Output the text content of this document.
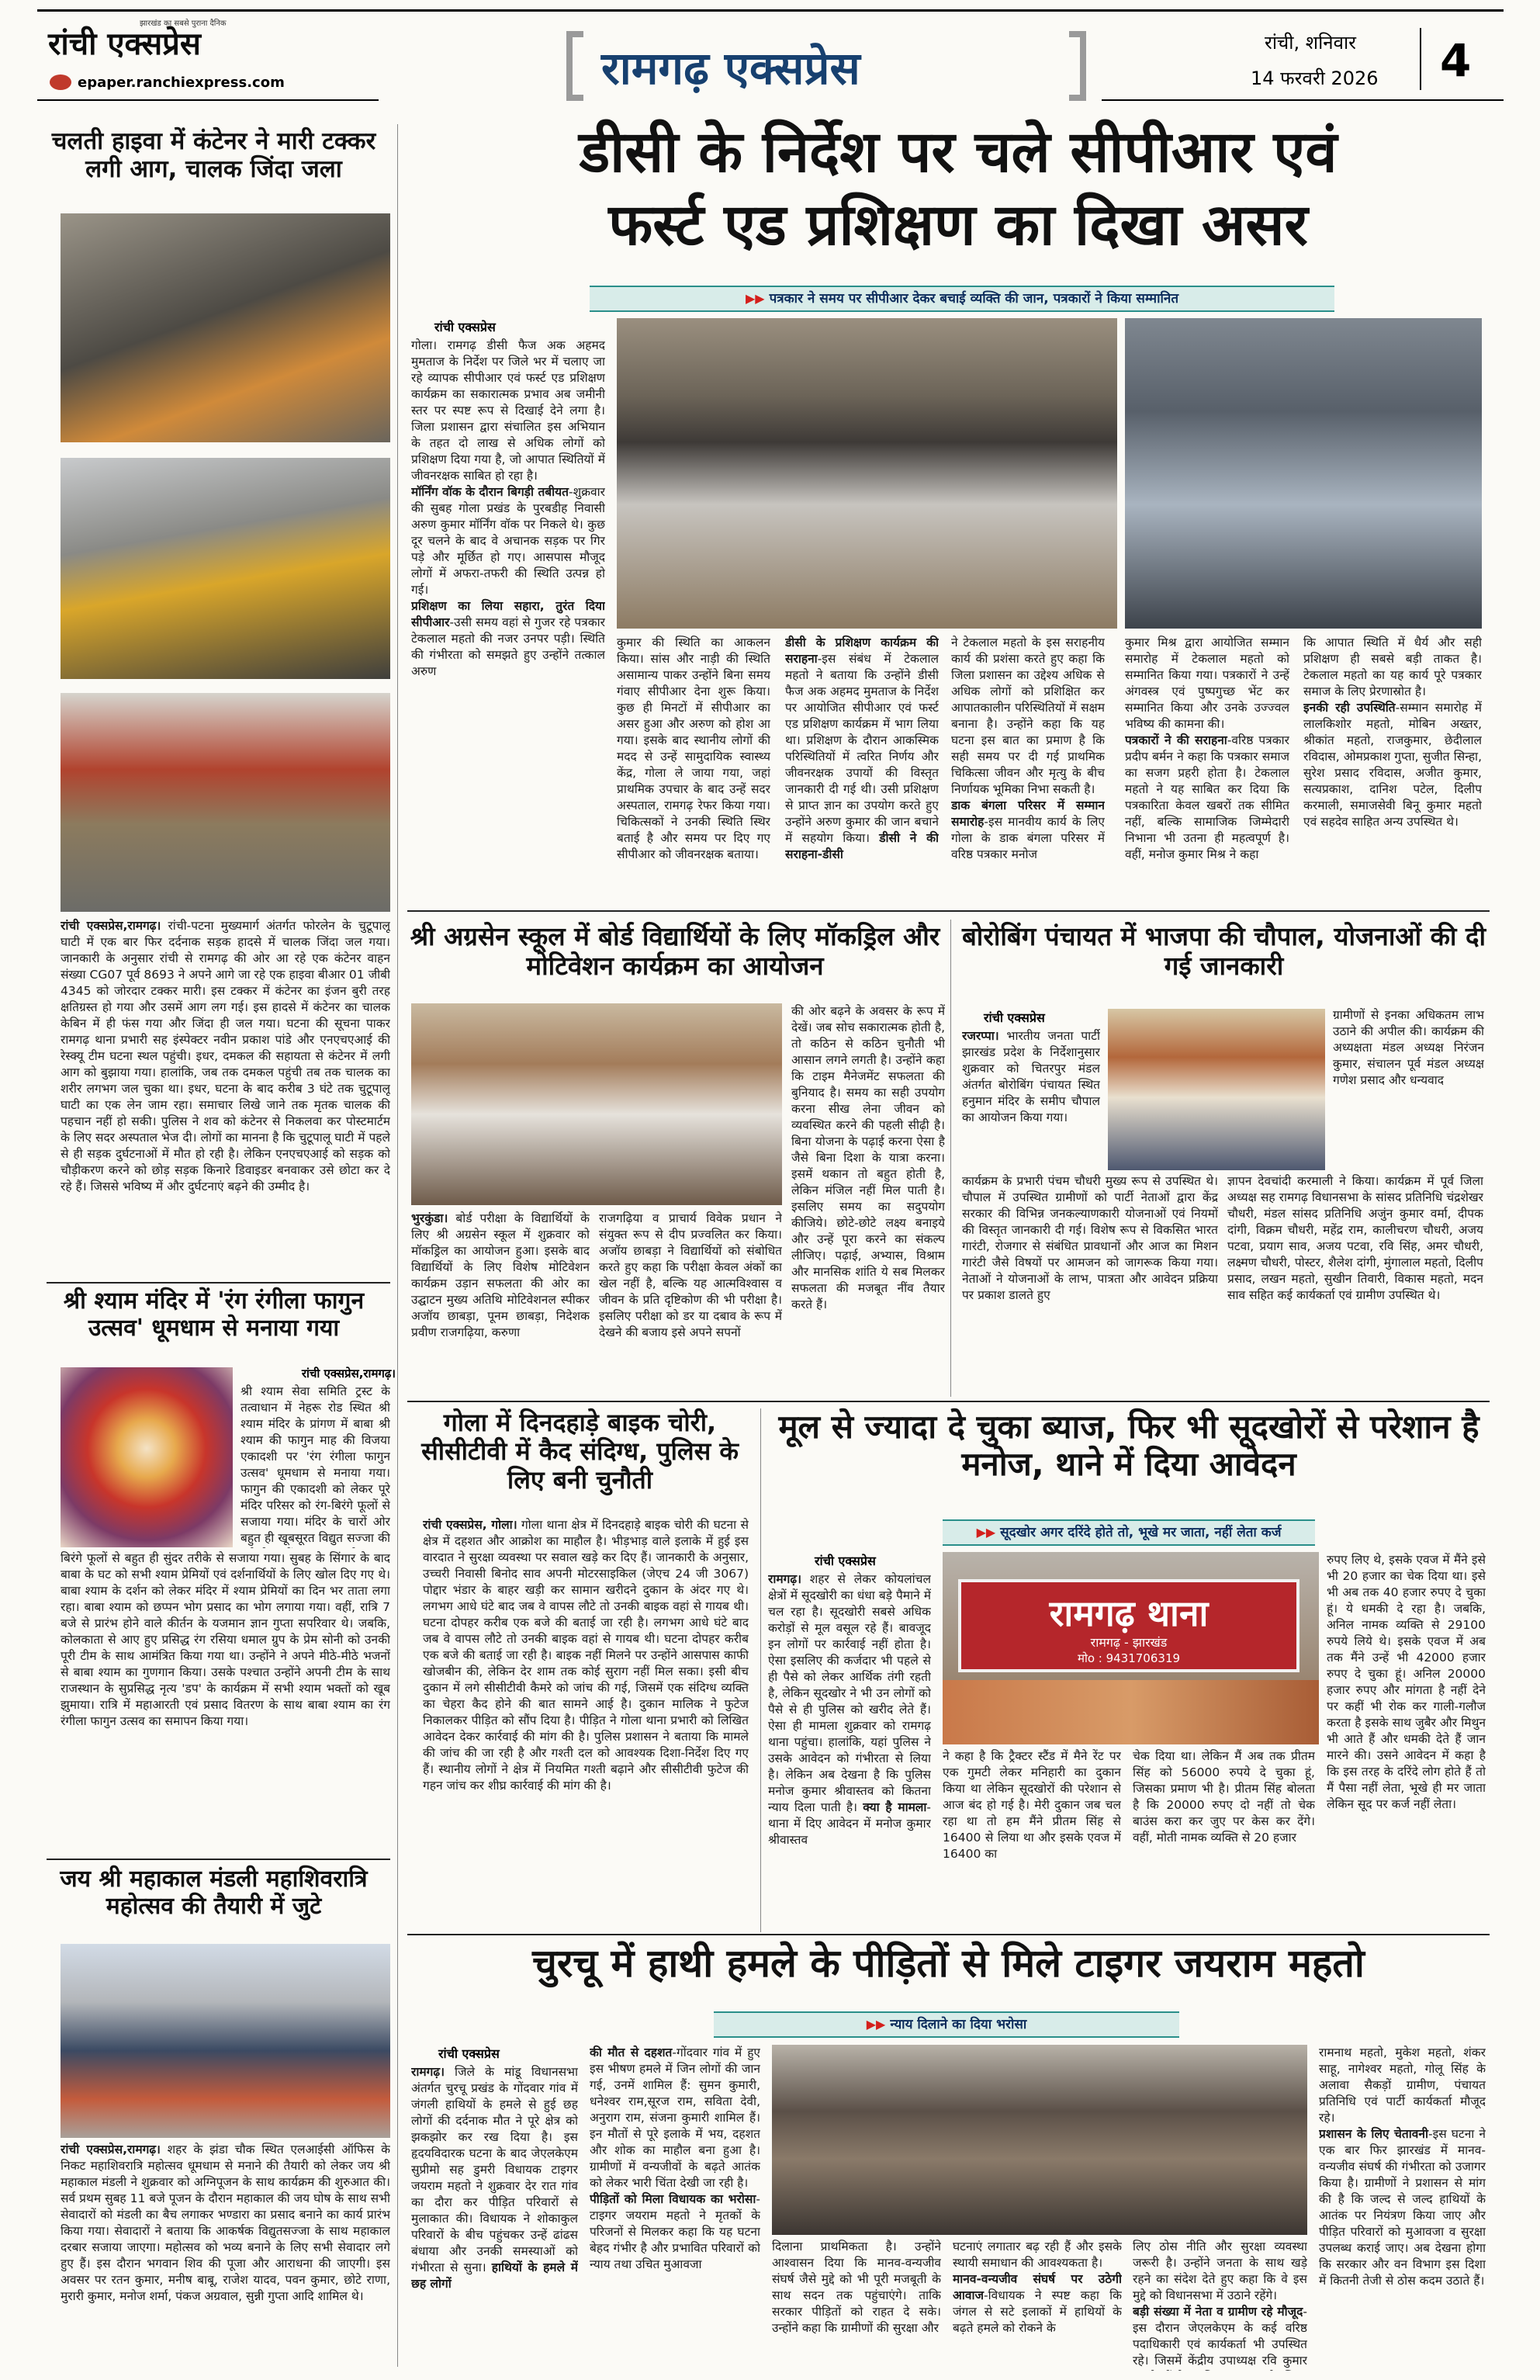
रांची एक्सप्रेस
झारखंड का सबसे पुराना दैनिक
epaper.ranchiexpress.com	रामगढ़ एक्सप्रेस	रांची, शनिवार
14 फरवरी 2026 4
चलती हाइवा में कंटेनर ने मारी टक्कर लगी आग, चालक जिंदा जला
रांची एक्सप्रेस,रामगढ़। रांची-पटना मुख्यमार्ग अंतर्गत फोरलेन के चुटूपालू घाटी में एक बार फिर दर्दनाक सड़क हादसे में चालक जिंदा जल गया। जानकारी के अनुसार रांची से रामगढ़ की ओर आ रहे एक कंटेनर वाहन संख्या CG07 पूर्व 8693 ने अपने आगे जा रहे एक हाइवा बीआर 01 जीबी 4345 को जोरदार टक्कर मारी। इस टक्कर में कंटेनर का इंजन बुरी तरह क्षतिग्रस्त हो गया और उसमें आग लग गई। इस हादसे में कंटेनर का चालक केबिन में ही फंस गया और जिंदा ही जल गया। घटना की सूचना पाकर रामगढ़ थाना प्रभारी सह इंस्पेक्टर नवीन प्रकाश पांडे और एनएचएआई की रेस्क्यू टीम घटना स्थल पहुंची। इधर, दमकल की सहायता से कंटेनर में लगी आग को बुझाया गया। हालांकि, जब तक दमकल पहुंची तब तक चालक का शरीर लगभग जल चुका था। इधर, घटना के बाद करीब 3 घंटे तक चुटूपालू घाटी का एक लेन जाम रहा। समाचार लिखे जाने तक मृतक चालक की पहचान नहीं हो सकी। पुलिस ने शव को कंटेनर से निकलवा कर पोस्टमार्टम के लिए सदर अस्पताल भेज दी। लोगों का मानना है कि चुटूपालू घाटी में पहले से ही सड़क दुर्घटनाओं में मौत हो रही है। लेकिन एनएचएआई को सड़क को चौड़ीकरण करने को छोड़ सड़क किनारे डिवाइडर बनवाकर उसे छोटा कर दे रहे हैं। जिससे भविष्य में और दुर्घटनाएं बढ़ने की उम्मीद है।
श्री श्याम मंदिर में 'रंग रंगीला फागुन उत्सव' धूमधाम से मनाया गया
रांची एक्सप्रेस,रामगढ़।
श्री श्याम सेवा समिति ट्रस्ट के तत्वाधान में नेहरू रोड स्थित श्री श्याम मंदिर के प्रांगण में बाबा श्री श्याम की फागुन माह की विजया एकादशी पर 'रंग रंगीला फागुन उत्सव' धूमधाम से मनाया गया। फागुन की एकादशी को लेकर पूरे मंदिर परिसर को रंग-बिरंगे फूलों से सजाया गया। मंदिर के चारों ओर बहुत ही खूबसूरत विद्युत सज्जा की
बिरंगे फूलों से बहुत ही सुंदर तरीके से सजाया गया। सुबह के सिंगार के बाद बाबा के घट को सभी श्याम प्रेमियों एवं दर्शनार्थियों के लिए खोल दिए गए थे। बाबा श्याम के दर्शन को लेकर मंदिर में श्याम प्रेमियों का दिन भर ताता लगा रहा। बाबा श्याम को छप्पन भोग प्रसाद का भोग लगाया गया। वहीं, रात्रि 7 बजे से प्रारंभ होने वाले कीर्तन के यजमान ज्ञान गुप्ता सपरिवार थे। जबकि, कोलकाता से आए हुए प्रसिद्ध रंग रसिया धमाल ग्रुप के प्रेम सोनी को उनकी पूरी टीम के साथ आमंत्रित किया गया था। उन्होंने ने अपने मीठे-मीठे भजनों से बाबा श्याम का गुणगान किया। उसके पश्चात उन्होंने अपनी टीम के साथ राजस्थान के सुप्रसिद्ध नृत्य 'डप' के कार्यक्रम में सभी श्याम भक्तों को खूब झुमाया। रात्रि में महाआरती एवं प्रसाद वितरण के साथ बाबा श्याम का रंग रंगीला फागुन उत्सव का समापन किया गया।
जय श्री महाकाल मंडली महाशिवरात्रि महोत्सव की तैयारी में जुटे
रांची एक्सप्रेस,रामगढ़। शहर के झंडा चौक स्थित एलआईसी ऑफिस के निकट महाशिवरात्रि महोत्सव धूमधाम से मनाने की तैयारी को लेकर जय श्री महाकाल मंडली ने शुक्रवार को अग्निपूजन के साथ कार्यक्रम की शुरुआत की। सर्व प्रथम सुबह 11 बजे पूजन के दौरान महाकाल की जय घोष के साथ सभी सेवादारों को मंडली का बैच लगाकर भण्डारा का प्रसाद बनाने का कार्य प्रारंभ किया गया। सेवादारों ने बताया कि आकर्षक विद्युतसज्जा के साथ महाकाल दरबार सजाया जाएगा। महोत्सव को भव्य बनाने के लिए सभी सेवादार लगे हुए हैं। इस दौरान भगवान शिव की पूजा और आराधना की जाएगी। इस अवसर पर रतन कुमार, मनीष बाबू, राजेश यादव, पवन कुमार, छोटे राणा, मुरारी कुमार, मनोज शर्मा, पंकज अग्रवाल, सुन्नी गुप्ता आदि शामिल थे।
डीसी के निर्देश पर चले सीपीआर एवं
फर्स्ट एड प्रशिक्षण का दिखा असर
▶▶ पत्रकार ने समय पर सीपीआर देकर बचाई व्यक्ति की जान, पत्रकारों ने किया सम्मानित
रांची एक्सप्रेस
गोला। रामगढ़ डीसी फैज अक अहमद मुमताज के निर्देश पर जिले भर में चलाए जा रहे व्यापक सीपीआर एवं फर्स्ट एड प्रशिक्षण कार्यक्रम का सकारात्मक प्रभाव अब जमीनी स्तर पर स्पष्ट रूप से दिखाई देने लगा है। जिला प्रशासन द्वारा संचालित इस अभियान के तहत दो लाख से अधिक लोगों को प्रशिक्षण दिया गया है, जो आपात स्थितियों में जीवनरक्षक साबित हो रहा है।
मॉर्निंग वॉक के दौरान बिगड़ी तबीयत-शुक्रवार की सुबह गोला प्रखंड के पुरबडीह निवासी अरुण कुमार मॉर्निंग वॉक पर निकले थे। कुछ दूर चलने के बाद वे अचानक सड़क पर गिर पड़े और मूर्छित हो गए। आसपास मौजूद लोगों में अफरा-तफरी की स्थिति उत्पन्न हो गई।
प्रशिक्षण का लिया सहारा, तुरंत दिया सीपीआर-उसी समय वहां से गुजर रहे पत्रकार टेकलाल महतो की नजर उनपर पड़ी। स्थिति की गंभीरता को समझते हुए उन्होंने तत्काल अरुण
कुमार की स्थिति का आकलन किया। सांस और नाड़ी की स्थिति असामान्य पाकर उन्होंने बिना समय गंवाए सीपीआर देना शुरू किया। कुछ ही मिनटों में सीपीआर का असर हुआ और अरुण को होश आ गया। इसके बाद स्थानीय लोगों की मदद से उन्हें सामुदायिक स्वास्थ्य केंद्र, गोला ले जाया गया, जहां प्राथमिक उपचार के बाद उन्हें सदर अस्पताल, रामगढ़ रेफर किया गया। चिकित्सकों ने उनकी स्थिति स्थिर बताई है और समय पर दिए गए सीपीआर को जीवनरक्षक बताया।
डीसी के प्रशिक्षण कार्यक्रम की सराहना-इस संबंध में टेकलाल महतो ने बताया कि उन्होंने डीसी फैज अक अहमद मुमताज के निर्देश पर आयोजित सीपीआर एवं फर्स्ट एड प्रशिक्षण कार्यक्रम में भाग लिया था। प्रशिक्षण के दौरान आकस्मिक परिस्थितियों में त्वरित निर्णय और जीवनरक्षक उपायों की विस्तृत जानकारी दी गई थी। उसी प्रशिक्षण से प्राप्त ज्ञान का उपयोग करते हुए उन्होंने अरुण कुमार की जान बचाने में सहयोग किया। डीसी ने की सराहना-डीसी
ने टेकलाल महतो के इस सराहनीय कार्य की प्रशंसा करते हुए कहा कि जिला प्रशासन का उद्देश्य अधिक से अधिक लोगों को प्रशिक्षित कर आपातकालीन परिस्थितियों में सक्षम बनाना है। उन्होंने कहा कि यह घटना इस बात का प्रमाण है कि सही समय पर दी गई प्राथमिक चिकित्सा जीवन और मृत्यु के बीच निर्णायक भूमिका निभा सकती है।
डाक बंगला परिसर में सम्मान समारोह-इस मानवीय कार्य के लिए गोला के डाक बंगला परिसर में वरिष्ठ पत्रकार मनोज
कुमार मिश्र द्वारा आयोजित सम्मान समारोह में टेकलाल महतो को सम्मानित किया गया। पत्रकारों ने उन्हें अंगवस्त्र एवं पुष्पगुच्छ भेंट कर सम्मानित किया और उनके उज्ज्वल भविष्य की कामना की।
पत्रकारों ने की सराहना-वरिष्ठ पत्रकार प्रदीप बर्मन ने कहा कि पत्रकार समाज का सजग प्रहरी होता है। टेकलाल महतो ने यह साबित कर दिया कि पत्रकारिता केवल खबरों तक सीमित नहीं, बल्कि सामाजिक जिम्मेदारी निभाना भी उतना ही महत्वपूर्ण है। वहीं, मनोज कुमार मिश्र ने कहा
कि आपात स्थिति में धैर्य और सही प्रशिक्षण ही सबसे बड़ी ताकत है। टेकलाल महतो का यह कार्य पूरे पत्रकार समाज के लिए प्रेरणास्रोत है।
इनकी रही उपस्थिति-सम्मान समारोह में लालकिशोर महतो, मोबिन अख्तर, श्रीकांत महतो, राजकुमार, छेदीलाल रविदास, ओमप्रकाश गुप्ता, सुजीत सिन्हा, सुरेश प्रसाद रविदास, अजीत कुमार, सत्यप्रकाश, दानिश पटेल, दिलीप करमाली, समाजसेवी बिनू कुमार महतो एवं सहदेव साहित अन्य उपस्थित थे।
श्री अग्रसेन स्कूल में बोर्ड विद्यार्थियों के लिए मॉकड्रिल और मोटिवेशन कार्यक्रम का आयोजन
भुरकुंडा। बोर्ड परीक्षा के विद्यार्थियों के लिए श्री अग्रसेन स्कूल में शुक्रवार को मॉकड्रिल का आयोजन हुआ। इसके बाद विद्यार्थियों के लिए विशेष मोटिवेशन कार्यक्रम उड़ान सफलता की ओर का उद्घाटन मुख्य अतिथि मोटिवेशनल स्पीकर अजॉय छाबड़ा, पूनम छाबड़ा, निदेशक प्रवीण राजगढ़िया, करुणा
राजगढ़िया व प्राचार्य विवेक प्रधान ने संयुक्त रूप से दीप प्रज्वलित कर किया। अजॉय छाबड़ा ने विद्यार्थियों को संबोधित करते हुए कहा कि परीक्षा केवल अंकों का खेल नहीं है, बल्कि यह आत्मविश्वास व जीवन के प्रति दृष्टिकोण की भी परीक्षा है। इसलिए परीक्षा को डर या दबाव के रूप में देखने की बजाय इसे अपने सपनों
की ओर बढ़ने के अवसर के रूप में देखें। जब सोच सकारात्मक होती है, तो कठिन से कठिन चुनौती भी आसान लगने लगती है। उन्होंने कहा कि टाइम मैनेजमेंट सफलता की बुनियाद है। समय का सही उपयोग करना सीख लेना जीवन को व्यवस्थित करने की पहली सीढ़ी है। बिना योजना के पढ़ाई करना ऐसा है जैसे बिना दिशा के यात्रा करना। इसमें थकान तो बहुत होती है, लेकिन मंजिल नहीं मिल पाती है। इसलिए समय का सदुपयोग कीजिये। छोटे-छोटे लक्ष्य बनाइये और उन्हें पूरा करने का संकल्प लीजिए। पढ़ाई, अभ्यास, विश्राम और मानसिक शांति ये सब मिलकर सफलता की मजबूत नींव तैयार करते हैं।
बोरोबिंग पंचायत में भाजपा की चौपाल, योजनाओं की दी गई जानकारी
रांची एक्सप्रेस
रजरप्पा। भारतीय जनता पार्टी झारखंड प्रदेश के निर्देशानुसार शुक्रवार को चितरपुर मंडल अंतर्गत बोरोबिंग पंचायत स्थित हनुमान मंदिर के समीप चौपाल का आयोजन किया गया।
ग्रामीणों से इनका अधिकतम लाभ उठाने की अपील की। कार्यक्रम की अध्यक्षता मंडल अध्यक्ष निरंजन कुमार, संचालन पूर्व मंडल अध्यक्ष गणेश प्रसाद और धन्यवाद
कार्यक्रम के प्रभारी पंचम चौधरी मुख्य रूप से उपस्थित थे। चौपाल में उपस्थित ग्रामीणों को पार्टी नेताओं द्वारा केंद्र सरकार की विभिन्न जनकल्याणकारी योजनाओं एवं नियमों की विस्तृत जानकारी दी गई। विशेष रूप से विकसित भारत गारंटी, रोजगार से संबंधित प्रावधानों और आज का मिशन गारंटी जैसे विषयों पर आमजन को जागरूक किया गया। नेताओं ने योजनाओं के लाभ, पात्रता और आवेदन प्रक्रिया पर प्रकाश डालते हुए
ज्ञापन देवचांदी करमाली ने किया। कार्यक्रम में पूर्व जिला अध्यक्ष सह रामगढ़ विधानसभा के सांसद प्रतिनिधि चंद्रशेखर चौधरी, मंडल सांसद प्रतिनिधि अजुंन कुमार वर्मा, दीपक दांगी, विक्रम चौधरी, महेंद्र राम, कालीचरण चौधरी, अजय पटवा, प्रयाग साव, अजय पटवा, रवि सिंह, अमर चौधरी, लक्ष्मण चौधरी, पोस्टर, शैलेश दांगी, मुंगालाल महतो, दिलीप प्रसाद, लखन महतो, सुखीन तिवारी, विकास महतो, मदन साव सहित कई कार्यकर्ता एवं ग्रामीण उपस्थित थे।
गोला में दिनदहाड़े बाइक चोरी, सीसीटीवी में कैद संदिग्ध, पुलिस के लिए बनी चुनौती
रांची एक्सप्रेस, गोला। गोला थाना क्षेत्र में दिनदहाड़े बाइक चोरी की घटना से क्षेत्र में दहशत और आक्रोश का माहौल है। भीड़भाड़ वाले इलाके में हुई इस वारदात ने सुरक्षा व्यवस्था पर सवाल खड़े कर दिए हैं। जानकारी के अनुसार, उच्चरी निवासी बिनोद साव अपनी मोटरसाइकिल (जेएच 24 जी 3067) पोद्दार भंडार के बाहर खड़ी कर सामान खरीदने दुकान के अंदर गए थे। लगभग आधे घंटे बाद जब वे वापस लौटे तो उनकी बाइक वहां से गायब थी। घटना दोपहर करीब एक बजे की बताई जा रही है। लगभग आधे घंटे बाद जब वे वापस लौटे तो उनकी बाइक वहां से गायब थी। घटना दोपहर करीब एक बजे की बताई जा रही है। बाइक नहीं मिलने पर उन्होंने आसपास काफी खोजबीन की, लेकिन देर शाम तक कोई सुराग नहीं मिल सका। इसी बीच दुकान में लगे सीसीटीवी कैमरे को जांच की गई, जिसमें एक संदिग्ध व्यक्ति का चेहरा कैद होने की बात सामने आई है। दुकान मालिक ने फुटेज निकालकर पीड़ित को सौंप दिया है। पीड़ित ने गोला थाना प्रभारी को लिखित आवेदन देकर कार्रवाई की मांग की है। पुलिस प्रशासन ने बताया कि मामले की जांच की जा रही है और गश्ती दल को आवश्यक दिशा-निर्देश दिए गए हैं। स्थानीय लोगों ने क्षेत्र में नियमित गश्ती बढ़ाने और सीसीटीवी फुटेज की गहन जांच कर शीघ्र कार्रवाई की मांग की है।
मूल से ज्यादा दे चुका ब्याज, फिर भी सूदखोरों से परेशान है मनोज, थाने में दिया आवेदन
▶▶ सूदखोर अगर दरिंदे होते तो, भूखे मर जाता, नहीं लेता कर्ज
रांची एक्सप्रेस
रामगढ़। शहर से लेकर कोयलांचल क्षेत्रों में सूदखोरी का धंधा बड़े पैमाने में चल रहा है। सूदखोरी सबसे अधिक करोड़ों से मूल वसूल रहे हैं। बावजूद इन लोगों पर कार्रवाई नहीं होता है। ऐसा इसलिए की कर्जदार भी पहले से ही पैसे को लेकर आर्थिक तंगी रहती है, लेकिन सूदखोर ने भी उन लोगों को पैसे से ही पुलिस को खरीद लेते हैं। ऐसा ही मामला शुक्रवार को रामगढ़ थाना पहुंचा। हालांकि, यहां पुलिस ने उसके आवेदन को गंभीरता से लिया है। लेकिन अब देखना है कि पुलिस मनोज कुमार श्रीवास्तव को कितना न्याय दिला पाती है। क्या है मामला-थाना में दिए आवेदन में मनोज कुमार श्रीवास्तव
रामगढ़ थाना
रामगढ़ - झारखंड
मोo : 9431706319
ने कहा है कि ट्रैक्टर स्टैंड में मैने रेंट पर एक गुमटी लेकर मनिहारी का दुकान किया था लेकिन सूदखोरों की परेशान से आज बंद हो गई है। मेरी दुकान जब चल रहा था तो हम मैंने प्रीतम सिंह से 16400 से लिया था और इसके एवज में 16400 का
चेक दिया था। लेकिन मैं अब तक प्रीतम सिंह को 56000 रुपये दे चुका हूं, जिसका प्रमाण भी है। प्रीतम सिंह बोलता है कि 20000 रुपए दो नहीं तो चेक बाउंस करा कर जुए पर केस कर देंगे। वहीं, मोती नामक व्यक्ति से 20 हजार
रुपए लिए थे, इसके एवज में मैंने इसे भी 20 हजार का चेक दिया था। इसे भी अब तक 40 हजार रुपए दे चुका हूं। ये धमकी दे रहा है। जबकि, अनिल नामक व्यक्ति से 29100 रुपये लिये थे। इसके एवज में अब तक मैंने उन्हें भी 42000 हजार रुपए दे चुका हूं। अनिल 20000 हजार रुपए और मांगता है नहीं देने पर कहीं भी रोक कर गाली-गलौज करता है इसके साथ जुबैर और मिथुन भी आते हैं और धमकी देते हैं जान मारने की। उसने आवेदन में कहा है कि इस तरह के दरिंदे लोग होते हैं तो मैं पैसा नहीं लेता, भूखे ही मर जाता लेकिन सूद पर कर्ज नहीं लेता।
चुरचू में हाथी हमले के पीड़ितों से मिले टाइगर जयराम महतो
▶▶ न्याय दिलाने का दिया भरोसा
रांची एक्सप्रेस
रामगढ़। जिले के मांडू विधानसभा अंतर्गत चुरचू प्रखंड के गोंदवार गांव में जंगली हाथियों के हमले से हुई छह लोगों की दर्दनाक मौत ने पूरे क्षेत्र को झकझोर कर रख दिया है। इस हृदयविदारक घटना के बाद जेएलकेएम सुप्रीमो सह डुमरी विधायक टाइगर जयराम महतो ने शुक्रवार देर रात गांव का दौरा कर पीड़ित परिवारों से मुलाकात की। विधायक ने शोकाकुल परिवारों के बीच पहुंचकर उन्हें ढांढस बंधाया और उनकी समस्याओं को गंभीरता से सुना। हाथियों के हमले में छह लोगों
की मौत से दहशत-गोंदवार गांव में हुए इस भीषण हमले में जिन लोगों की जान गई, उनमें शामिल हैं: सुमन कुमारी, धनेश्वर राम,सूरज राम, सविता देवी, अनुराग राम, संजना कुमारी शामिल हैं। इन मौतों से पूरे इलाके में भय, दहशत और शोक का माहौल बना हुआ है। ग्रामीणों में वन्यजीवों के बढ़ते आतंक को लेकर भारी चिंता देखी जा रही है।
पीड़ितों को मिला विधायक का भरोसा-टाइगर जयराम महतो ने मृतकों के परिजनों से मिलकर कहा कि यह घटना बेहद गंभीर है और प्रभावित परिवारों को न्याय तथा उचित मुआवजा
दिलाना प्राथमिकता है। उन्होंने आश्वासन दिया कि मानव-वन्यजीव संघर्ष जैसे मुद्दे को भी पूरी मजबूती के साथ सदन तक पहुंचाएंगे। ताकि सरकार पीड़ितों को राहत दे सके। उन्होंने कहा कि ग्रामीणों की सुरक्षा और
घटनाएं लगातार बढ़ रही हैं और इसके स्थायी समाधान की आवश्यकता है।
मानव-वन्यजीव संघर्ष पर उठेगी आवाज-विधायक ने स्पष्ट कहा कि जंगल से सटे इलाकों में हाथियों के बढ़ते हमले को रोकने के
लिए ठोस नीति और सुरक्षा व्यवस्था जरूरी है। उन्होंने जनता के साथ खड़े रहने का संदेश देते हुए कहा कि वे इस मुद्दे को विधानसभा में उठाने रहेंगे।
बड़ी संख्या में नेता व ग्रामीण रहे मौजूद-इस दौरान जेएलकेएम के कई वरिष्ठ पदाधिकारी एवं कार्यकर्ता भी उपस्थित रहे। जिसमें केंद्रीय उपाध्यक्ष रवि कुमार
रामनाथ महतो, मुकेश महतो, शंकर साहू, नागेश्वर महतो, गोलू सिंह के अलावा सैकड़ों ग्रामीण, पंचायत प्रतिनिधि एवं पार्टी कार्यकर्ता मौजूद रहे।
प्रशासन के लिए चेतावनी-इस घटना ने एक बार फिर झारखंड में मानव-वन्यजीव संघर्ष की गंभीरता को उजागर किया है। ग्रामीणों ने प्रशासन से मांग की है कि जल्द से जल्द हाथियों के आतंक पर नियंत्रण किया जाए और पीड़ित परिवारों को मुआवजा व सुरक्षा उपलब्ध कराई जाए। अब देखना होगा कि सरकार और वन विभाग इस दिशा में कितनी तेजी से ठोस कदम उठाते हैं।
